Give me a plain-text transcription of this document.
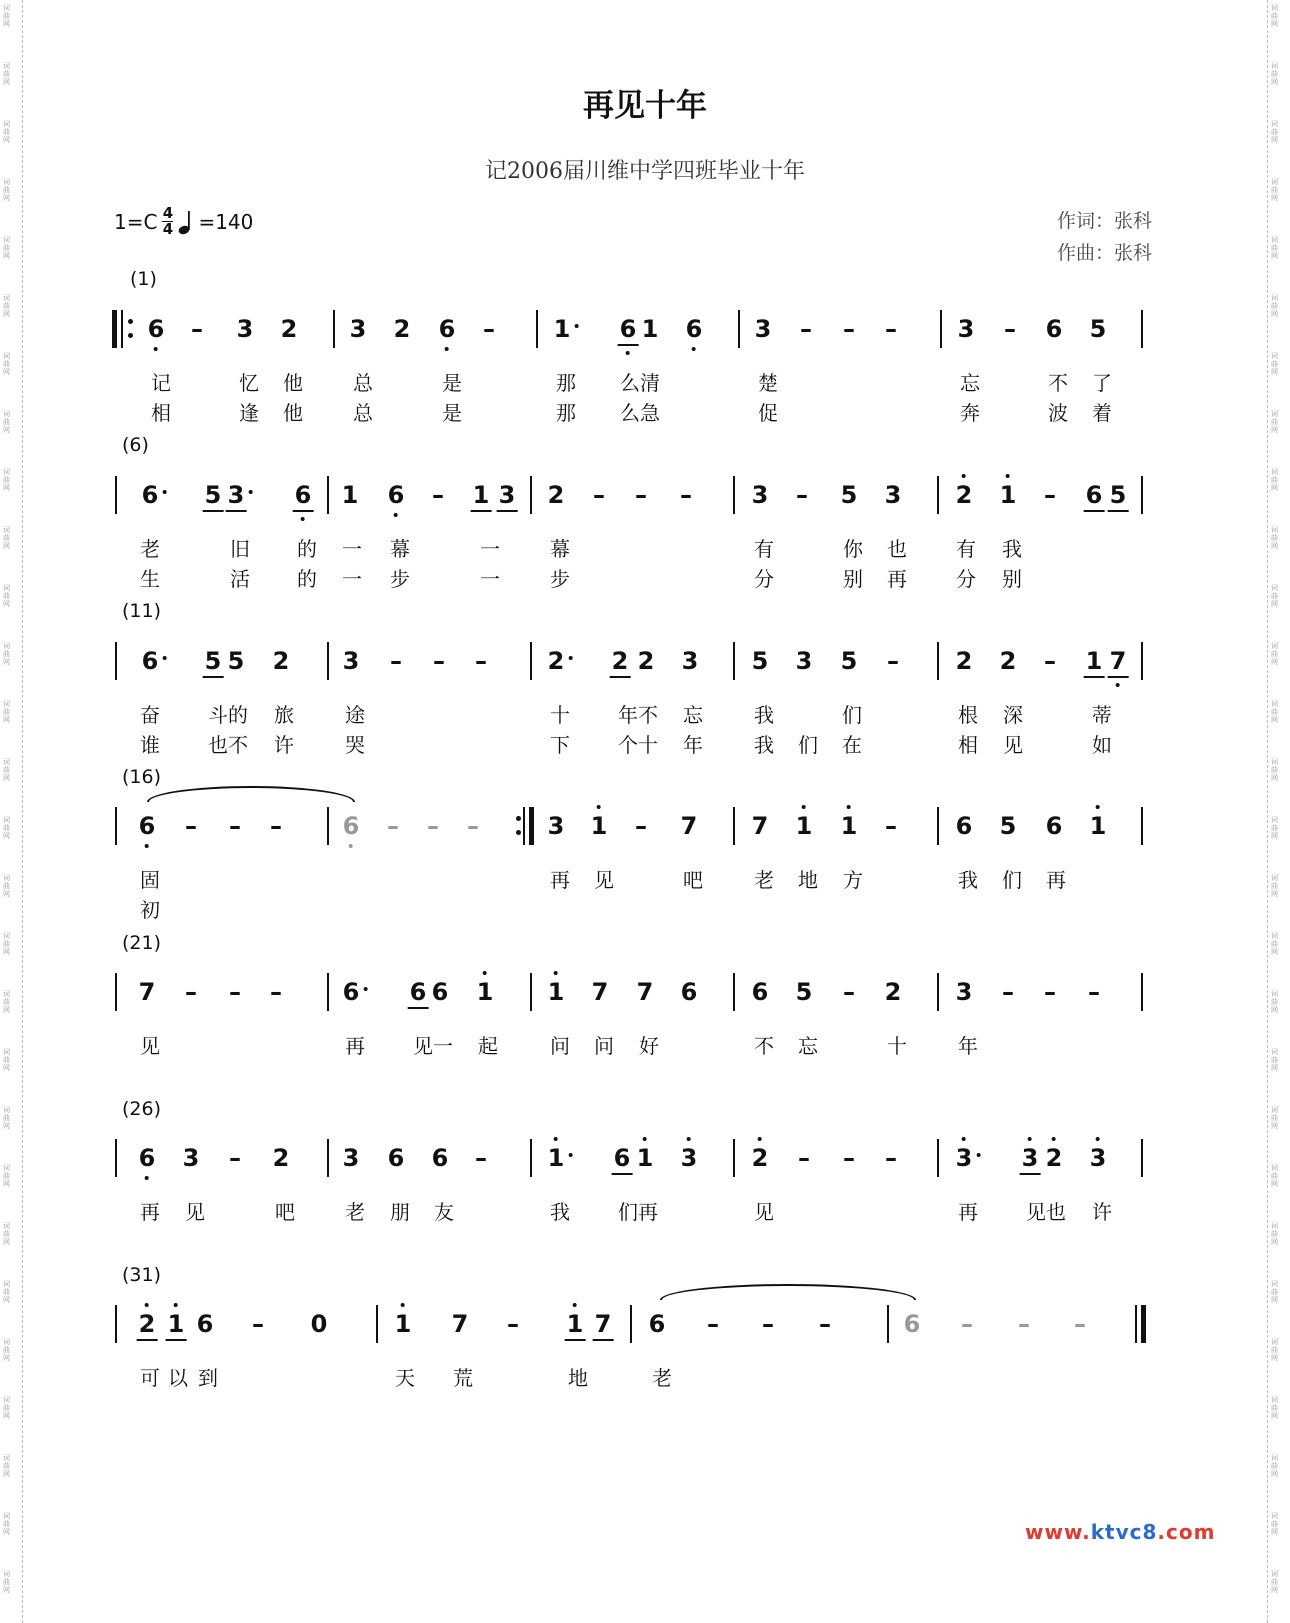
词
曲
网
词
曲
网
词
曲
网
词
曲
网
词
曲
网
词
曲
网
词
曲
网
词
曲
网
词
曲
网
词
曲
网
词
曲
网
词
曲
网
词
曲
网
词
曲
网
词
曲
网
词
曲
网
词
曲
网
词
曲
网
词
曲
网
词
曲
网
词
曲
网
词
曲
网
词
曲
网
词
曲
网
词
曲
网
词
曲
网
词
曲
网
词
曲
网
词
曲
网
词
曲
网
词
曲
网
词
曲
网
词
曲
网
词
曲
网
词
曲
网
词
曲
网
词
曲
网
词
曲
网
词
曲
网
词
曲
网
词
曲
网
词
曲
网
词
曲
网
词
曲
网
词
曲
网
词
曲
网
词
曲
网
词
曲
网
词
曲
网
词
曲
网
词
曲
网
词
曲
网
词
曲
网
词
曲
网
词
曲
网
词
曲
网
再见十年
记2006届川维中学四班毕业十年
$1=C \frac{4}{4} =140$	作词：张科
作曲：张科
(1)
6 – 3 2 3 2 6 – 1 6 1 6 3 – – –	3 – 6 5
记	忆 他	总	是	那 么清	楚	忘	不 了
相	逢 他	总	是	那 么急	促	奔	波 着
(6)
6 5 3 6 1 6 – 1 3 2 – – – 3 – 5 3 2 1 – 6 5
老	旧 的 一 幕	一	幕	有	你 也 有 我
生	活 的 一 步	一	步	分	别 再 分 别
(11)
6 5 5 2 3 – – –	2 2 2 3 5 3 5 – 2 2 – 1 7
奋 斗的 旅	途	十 年不 忘	我	们	根 深	蒂
谁 也不 许	哭	下 个十 年	我 们 在	相 见	如
(16)
6 – – –	6 – – –	3 1 – 7 7 1 1 – 6 5 6 1
固	再 见	吧	老 地 方	我 们 再
初
(21)
7 – – –	6 6 6 1 1 7 7 6 6 5 – 2 3 – – –
见	再 见一 起	问 问 好	不 忘	十	年
(26)
6 3 – 2 3 6 6 –	1 6 1 3 2 – – – 3 3 2 3
再 见	吧	老 朋 友	我 们再	见	再 见也 许
(31)
2 1 6 – 0	1 7 – 1 7 6 – – –	6 – – –
可 以 到	天 荒	地	老
www.ktvc8.com
